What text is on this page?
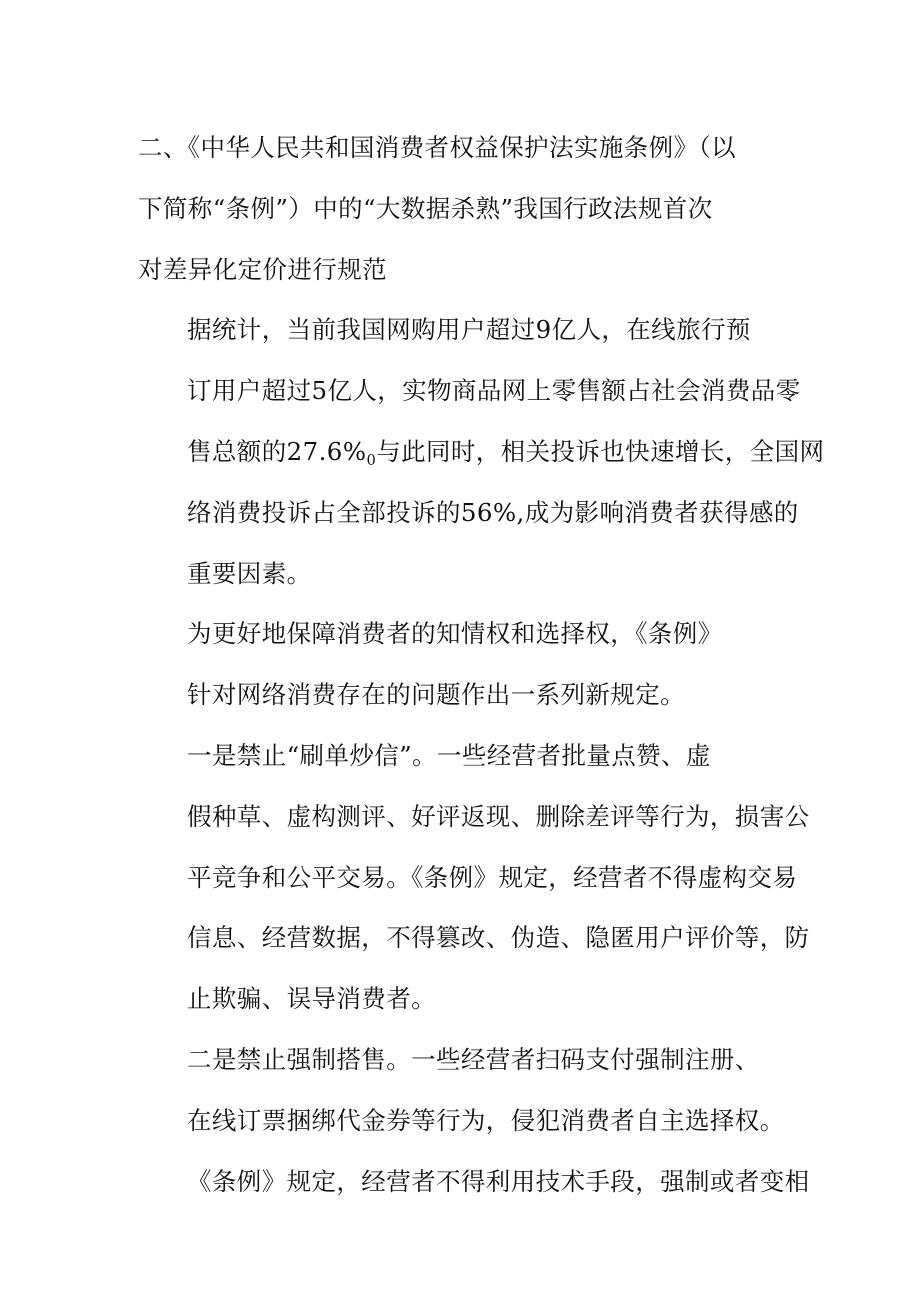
二、《中华人民共和国消费者权益保护法实施条例》（以
下简称“条例”）中的“大数据杀熟”我国行政法规首次
对差异化定价进行规范

据统计，当前我国网购用户超过9亿人，在线旅行预
订用户超过5亿人，实物商品网上零售额占社会消费品零
售总额的$27.6\%_0$与此同时，相关投诉也快速增长，全国网
络消费投诉占全部投诉的56%,成为影响消费者获得感的
重要因素。

为更好地保障消费者的知情权和选择权，《条例》
针对网络消费存在的问题作出一系列新规定。

一是禁止“刷单炒信”。一些经营者批量点赞、虚
假种草、虚构测评、好评返现、删除差评等行为，损害公
平竞争和公平交易。《条例》规定，经营者不得虚构交易
信息、经营数据，不得篡改、伪造、隐匿用户评价等，防
止欺骗、误导消费者。

二是禁止强制搭售。一些经营者扫码支付强制注册、
在线订票捆绑代金券等行为，侵犯消费者自主选择权。
《条例》规定，经营者不得利用技术手段，强制或者变相
